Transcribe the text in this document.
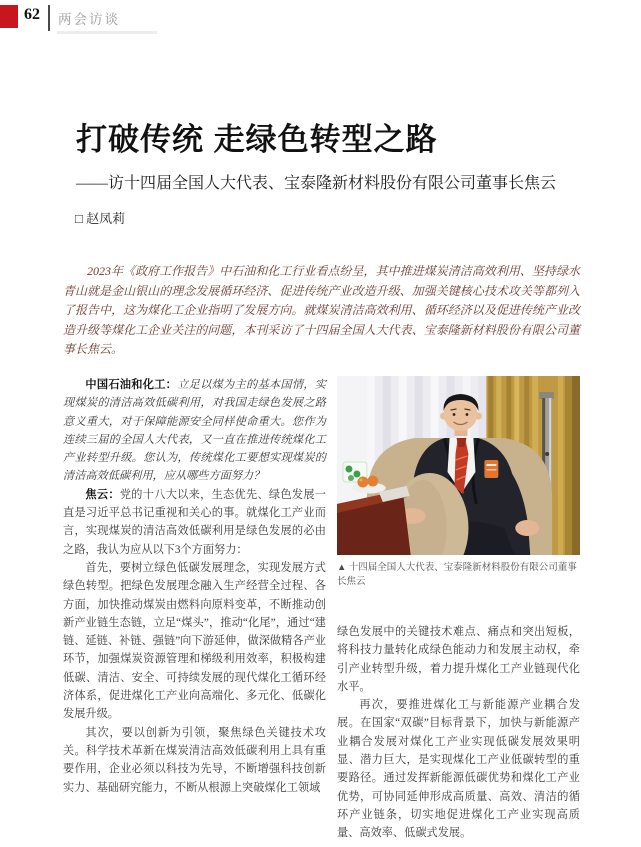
62 两会访谈
打破传统 走绿色转型之路
——访十四届全国人大代表、宝泰隆新材料股份有限公司董事长焦云
□ 赵凤莉

2023年《政府工作报告》中石油和化工行业看点纷呈，其中推进煤炭清洁高效利用、坚持绿水青山就是金山银山的理念发展循环经济、促进传统产业改造升级、加强关键核心技术攻关等都列入了报告中，这为煤化工企业指明了发展方向。就煤炭清洁高效利用、循环经济以及促进传统产业改造升级等煤化工企业关注的问题，本刊采访了十四届全国人大代表、宝泰隆新材料股份有限公司董事长焦云。

中国石油和化工：立足以煤为主的基本国情，实现煤炭的清洁高效低碳利用，对我国走绿色发展之路意义重大，对于保障能源安全同样使命重大。您作为连续三届的全国人大代表，又一直在推进传统煤化工产业转型升级。您认为，传统煤化工要想实现煤炭的清洁高效低碳利用，应从哪些方面努力？

焦云：党的十八大以来，生态优先、绿色发展一直是习近平总书记重视和关心的事。就煤化工产业而言，实现煤炭的清洁高效低碳利用是绿色发展的必由之路，我认为应从以下3个方面努力：

首先，要树立绿色低碳发展理念，实现发展方式绿色转型。把绿色发展理念融入生产经营全过程、各方面，加快推动煤炭由燃料向原料变革，不断推动创新产业链生态链，立足“煤头”，推动“化尾”，通过“建链、延链、补链、强链”向下游延伸，做深做精各产业环节，加强煤炭资源管理和梯级利用效率，积极构建低碳、清洁、安全、可持续发展的现代煤化工循环经济体系，促进煤化工产业向高端化、多元化、低碳化发展升级。

其次，要以创新为引领，聚焦绿色关键技术攻关。科学技术革新在煤炭清洁高效低碳利用上具有重要作用，企业必须以科技为先导，不断增强科技创新实力、基础研究能力，不断从根源上突破煤化工领域

▲ 十四届全国人大代表、宝泰隆新材料股份有限公司董事长焦云

绿色发展中的关键技术难点、痛点和突出短板，将科技力量转化成绿色能动力和发展主动权，牵引产业转型升级，着力提升煤化工产业链现代化水平。

再次，要推进煤化工与新能源产业耦合发展。在国家“双碳”目标背景下，加快与新能源产业耦合发展对煤化工产业实现低碳发展效果明显、潜力巨大，是实现煤化工产业低碳转型的重要路径。通过发挥新能源低碳优势和煤化工产业优势，可协同延伸形成高质量、高效、清洁的循环产业链条，切实地促进煤化工产业实现高质量、高效率、低碳式发展。
